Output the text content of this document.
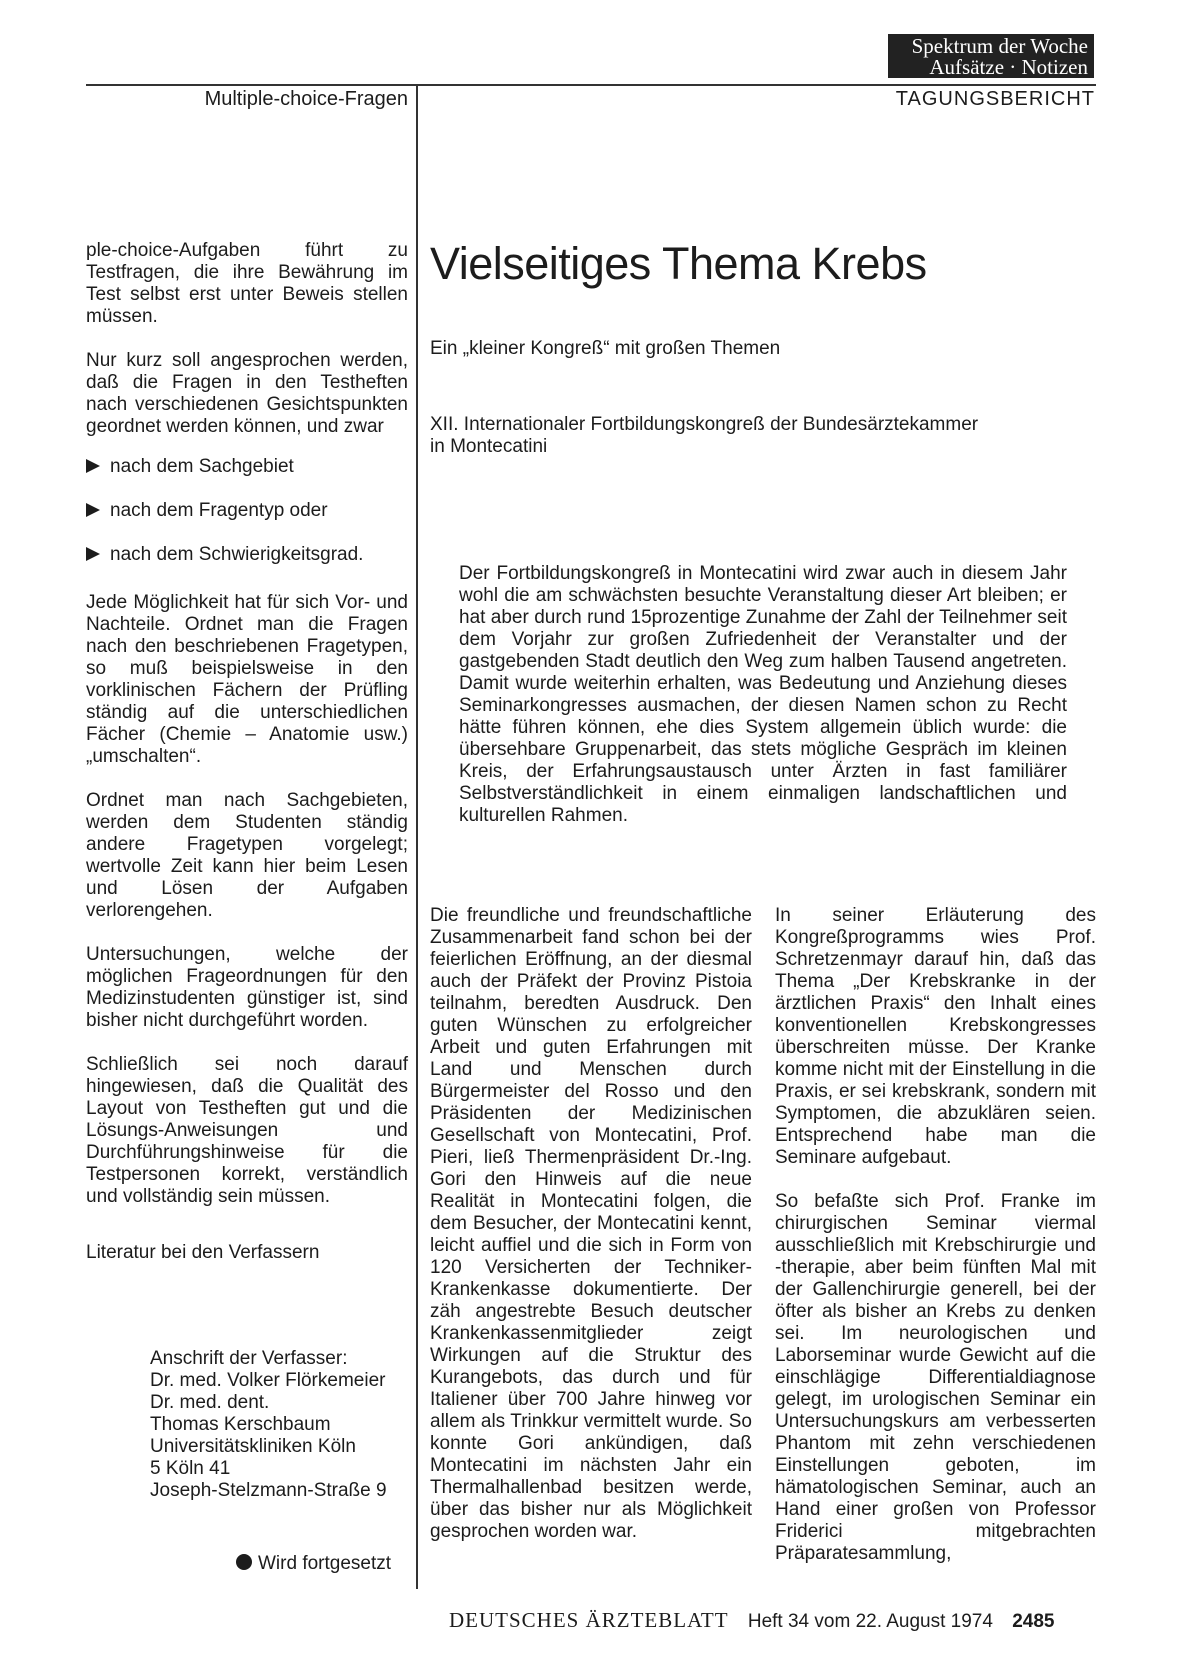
Spektrum der Woche
Aufsätze · Notizen
Multiple-choice-Fragen	TAGUNGSBERICHT

ple-choice-Aufgaben führt zu Testfragen, die ihre Bewährung im Test selbst erst unter Beweis stellen müssen.

Nur kurz soll angesprochen werden, daß die Fragen in den Testheften nach verschiedenen Gesichtspunkten geordnet werden können, und zwar

nach dem Sachgebiet
nach dem Fragentyp oder
nach dem Schwierigkeitsgrad.

Jede Möglichkeit hat für sich Vor- und Nachteile. Ordnet man die Fragen nach den beschriebenen Fragetypen, so muß beispielsweise in den vorklinischen Fächern der Prüfling ständig auf die unterschiedlichen Fächer (Chemie – Anatomie usw.) „umschalten“.

Ordnet man nach Sachgebieten, werden dem Studenten ständig andere Fragetypen vorgelegt; wertvolle Zeit kann hier beim Lesen und Lösen der Aufgaben verlorengehen.

Untersuchungen, welche der möglichen Frageordnungen für den Medizinstudenten günstiger ist, sind bisher nicht durchgeführt worden.

Schließlich sei noch darauf hingewiesen, daß die Qualität des Layout von Testheften gut und die Lösungs-Anweisungen und Durchführungshinweise für die Testpersonen korrekt, verständlich und vollständig sein müssen.

Literatur bei den Verfassern

Anschrift der Verfasser:
Dr. med. Volker Flörkemeier
Dr. med. dent.
Thomas Kerschbaum
Universitätskliniken Köln
5 Köln 41
Joseph-Stelzmann-Straße 9
Wird fortgesetzt
Vielseitiges Thema Krebs
Ein „kleiner Kongreß“ mit großen Themen
XII. Internationaler Fortbildungskongreß der Bundesärztekammer
in Montecatini
Der Fortbildungskongreß in Montecatini wird zwar auch in diesem Jahr wohl die am schwächsten besuchte Veranstaltung dieser Art bleiben; er hat aber durch rund 15prozentige Zunahme der Zahl der Teilnehmer seit dem Vorjahr zur großen Zufriedenheit der Veranstalter und der gastgebenden Stadt deutlich den Weg zum halben Tausend angetreten. Damit wurde weiterhin erhalten, was Bedeutung und Anziehung dieses Seminarkongresses ausmachen, der diesen Namen schon zu Recht hätte führen können, ehe dies System allgemein üblich wurde: die übersehbare Gruppenarbeit, das stets mögliche Gespräch im kleinen Kreis, der Erfahrungsaustausch unter Ärzten in fast familiärer Selbstverständlichkeit in einem einmaligen landschaftlichen und kulturellen Rahmen.

Die freundliche und freundschaftliche Zusammenarbeit fand schon bei der feierlichen Eröffnung, an der diesmal auch der Präfekt der Provinz Pistoia teilnahm, beredten Ausdruck. Den guten Wünschen zu erfolgreicher Arbeit und guten Erfahrungen mit Land und Menschen durch Bürgermeister del Rosso und den Präsidenten der Medizinischen Gesellschaft von Montecatini, Prof. Pieri, ließ Thermenpräsident Dr.-Ing. Gori den Hinweis auf die neue Realität in Montecatini folgen, die dem Besucher, der Montecatini kennt, leicht auffiel und die sich in Form von 120 Versicherten der Techniker-Krankenkasse dokumentierte. Der zäh angestrebte Besuch deutscher Krankenkassenmitglieder zeigt Wirkungen auf die Struktur des Kurangebots, das durch und für Italiener über 700 Jahre hinweg vor allem als Trinkkur vermittelt wurde. So konnte Gori ankündigen, daß Montecatini im nächsten Jahr ein Thermalhallenbad besitzen werde, über das bisher nur als Möglichkeit gesprochen worden war.

In seiner Erläuterung des Kongreßprogramms wies Prof. Schretzenmayr darauf hin, daß das Thema „Der Krebskranke in der ärztlichen Praxis“ den Inhalt eines konventionellen Krebskongresses überschreiten müsse. Der Kranke komme nicht mit der Einstellung in die Praxis, er sei krebskrank, sondern mit Symptomen, die abzuklären seien. Entsprechend habe man die Seminare aufgebaut.

So befaßte sich Prof. Franke im chirurgischen Seminar viermal ausschließlich mit Krebschirurgie und -therapie, aber beim fünften Mal mit der Gallenchirurgie generell, bei der öfter als bisher an Krebs zu denken sei. Im neurologischen und Laborseminar wurde Gewicht auf die einschlägige Differentialdiagnose gelegt, im urologischen Seminar ein Untersuchungskurs am verbesserten Phantom mit zehn verschiedenen Einstellungen geboten, im hämatologischen Seminar, auch an Hand einer großen von Professor Friderici mitgebrachten Präparatesammlung,

DEUTSCHES ÄRZTEBLATT Heft 34 vom 22. August 1974 2485
